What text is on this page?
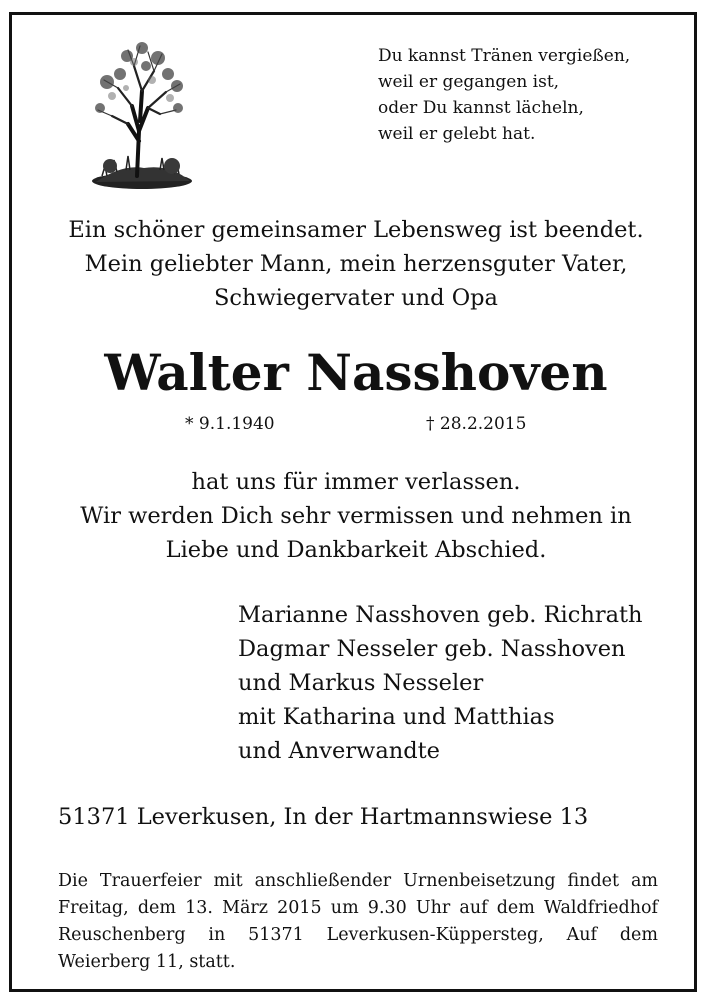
Du kannst Tränen vergießen,
weil er gegangen ist,
oder Du kannst lächeln,
weil er gelebt hat.
Ein schöner gemeinsamer Lebensweg ist beendet.
Mein geliebter Mann, mein herzensguter Vater,
Schwiegervater und Opa
Walter Nasshoven
* 9.1.1940	† 28.2.2015
hat uns für immer verlassen.
Wir werden Dich sehr vermissen und nehmen in
Liebe und Dankbarkeit Abschied.
Marianne Nasshoven geb. Richrath
Dagmar Nesseler geb. Nasshoven
und Markus Nesseler
mit Katharina und Matthias
und Anverwandte
51371 Leverkusen, In der Hartmannswiese 13
Die Trauerfeier mit anschließender Urnenbeisetzung findet am Freitag, dem 13. März 2015 um 9.30 Uhr auf dem Waldfriedhof Reuschenberg in 51371 Leverkusen-Küppersteg, Auf dem Weierberg 11, statt.
